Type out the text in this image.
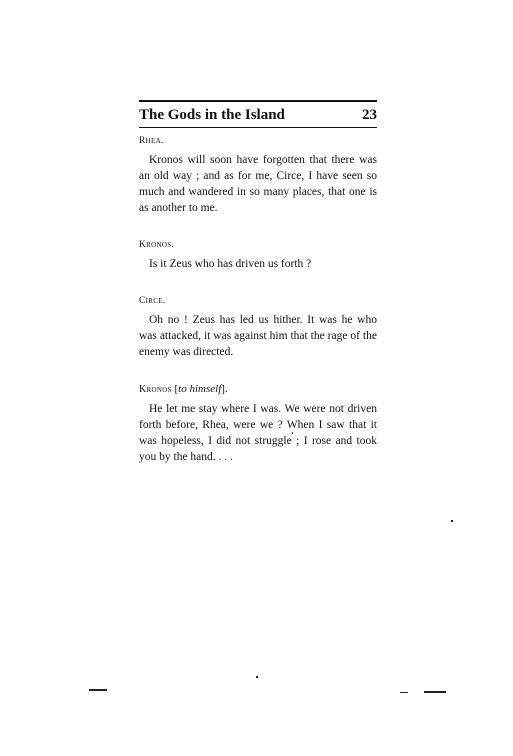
The Gods in the Island	23

Rhea.

Kronos will soon have forgotten that there was an old way ; and as for me, Circe, I have seen so much and wandered in so many places, that one is as another to me.

Kronos.

Is it Zeus who has driven us forth ?

Circe.

Oh no ! Zeus has led us hither. It was he who was attacked, it was against him that the rage of the enemy was directed.

Kronos [to himself].

He let me stay where I was. We were not driven forth before, Rhea, were we ? When I saw that it was hopeless, I did not struggle ; I rose and took you by the hand. . . .
